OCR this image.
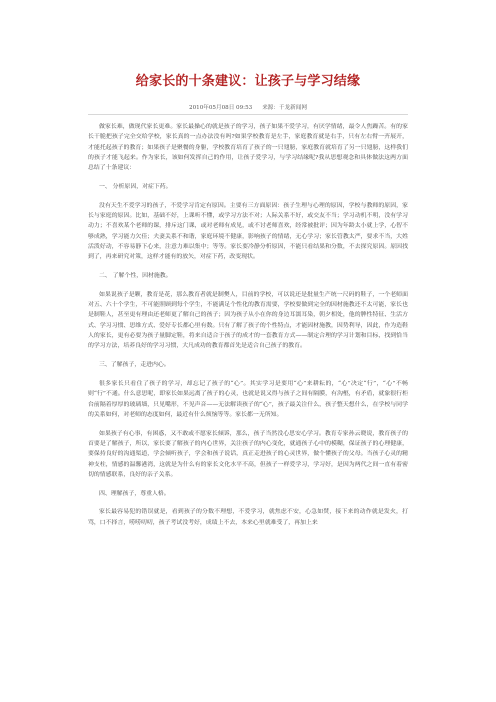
给家长的十条建议：让孩子与学习结缘
2010年05月08日 09:53 来源：千龙新闻网

做家长难，做现代家长更难。家长最操心的就是孩子的学习，孩子如果不爱学习，有厌学情绪，最令人焦躁苦。有的家长干脆把孩子完全交给学校，家长真的一点办法没有吗?如果学校教育是左手，家庭教育就是右手，只有左右臂一齐展开，才能托起孩子的教育；如果孩子是聚餐的身躯，学校教育培育了孩子的一只翅膀，家庭教育就培育了另一只翅膀，这样我们的孩子才能飞起来。作为家长，该如何发挥自己的作用，让孩子爱学习，与学习结缘呢?我从思想观念和具体做法这两方面总结了十条建议：

一、 分析原因，对症下药。

没有天生不爱学习的孩子，不爱学习肯定有原因。主要有三方面原因：孩子生理与心理的原因，学校与教师的原因，家长与家庭的原因。比如，基础不好，上课听不懂，或学习方法不对；人际关系不好，或交友不当；学习动机不明，没有学习动力；不喜欢某个老师的课，排斥这门课，或对老师有成见，或不讨老师喜欢，经常被批评；因为年龄太小就上学，心智不够成熟，学习能力欠佳；夫妻关系不和谐，家庭环境不健康，影响孩子的情绪，无心学习；家长管教太严，要求不当，大姓活泼好动，不容易静下心来，注意力难以集中；等等。家长要冷静分析原因，不能只看结果和分数，不去探究原因。原因找到了，再来研究对策，这样才能有的放矢，对症下药，改变现状。

二、 了解个性，因材施教。

如果说孩子是颗，教育是花，那么教育者就是制樊人，目前的学校，可以说还是批量生产统一尺码的鞋子，一个老师面对五、六十个学生，不可能照顾到每个学生，不能满足个性化的教育需要，学校要做到完全的因材施教还不太可能，家长也是制鞋人，甚至更有理由还老师更了解自己的孩子；因为孩子从小在你的身边耳濡耳染，朝夕相处，他的脾性特征、生活方式、学习习惯、思维方式、爱好专长都心里有数。只有了解了孩子的个性特点，才能因材施教，因势利导，因此，作为造鞋人的家长，更有必要为孩子量脚定鞋，将来自适合于孩子的成才的一套教育方式——制定合理的学习计划和目标，找到恰当的学习方法，培养良好的学习习惯，大凡成功的教育都首先是适合自己孩子的教育。

三、了解孩子，走进内心。

很多家长只看住了孩子的学习，却忘记了孩子的“心”。其实学习是要用“心”来耕耘的，“心”决定“行”，“心”不畅则“行”不通。什么意思呢，即家长如果远离了孩子的心灵，也就是说又得与孩子之间有隔膜，有沟壑，有矛盾，就象很行柜台前隔着厚厚的玻璃墙，只见嘴形，不见声音——无法解读孩子的“心”，孩子最关注什么，孩子整天想什么，在学校与同学的关系如何，对老师的态度如何，最近有什么烦恼等等。家长都一无所知。

如果孩子有心事，有困惑，又不敢或不愿家长倾诉，那么，孩子当然没心思安心学习。教育专家孙云晓说，教育孩子的首要是了解孩子，所以，家长要了解孩子的内心世界，关注孩子的内心变化，就通孩子心中的模糊，保证孩子的心理健康，要保持良好的沟通渠道，学会倾听孩子，学会和孩子说话，真正走进孩子的心灵世界，做个懂孩子的父母。当孩子心灵的精神支柱，情感的温馨港湾，这就是为什么有的家长文化水平不高，但孩子一样爱学习，学习好，是因为两代之间一直有着密切的情感联系，良好的亲子关系。

四、理解孩子，尊重人格。

家长最容易犯的错误就是，看到孩子的分数不理想，不爱学习，就焦虑不安，心急如焚，接下来的动作就是发火，打骂，口不择言，唠唠叨叨，孩子考试没考好，成绩上不去，本来心里就难受了，再加上来
